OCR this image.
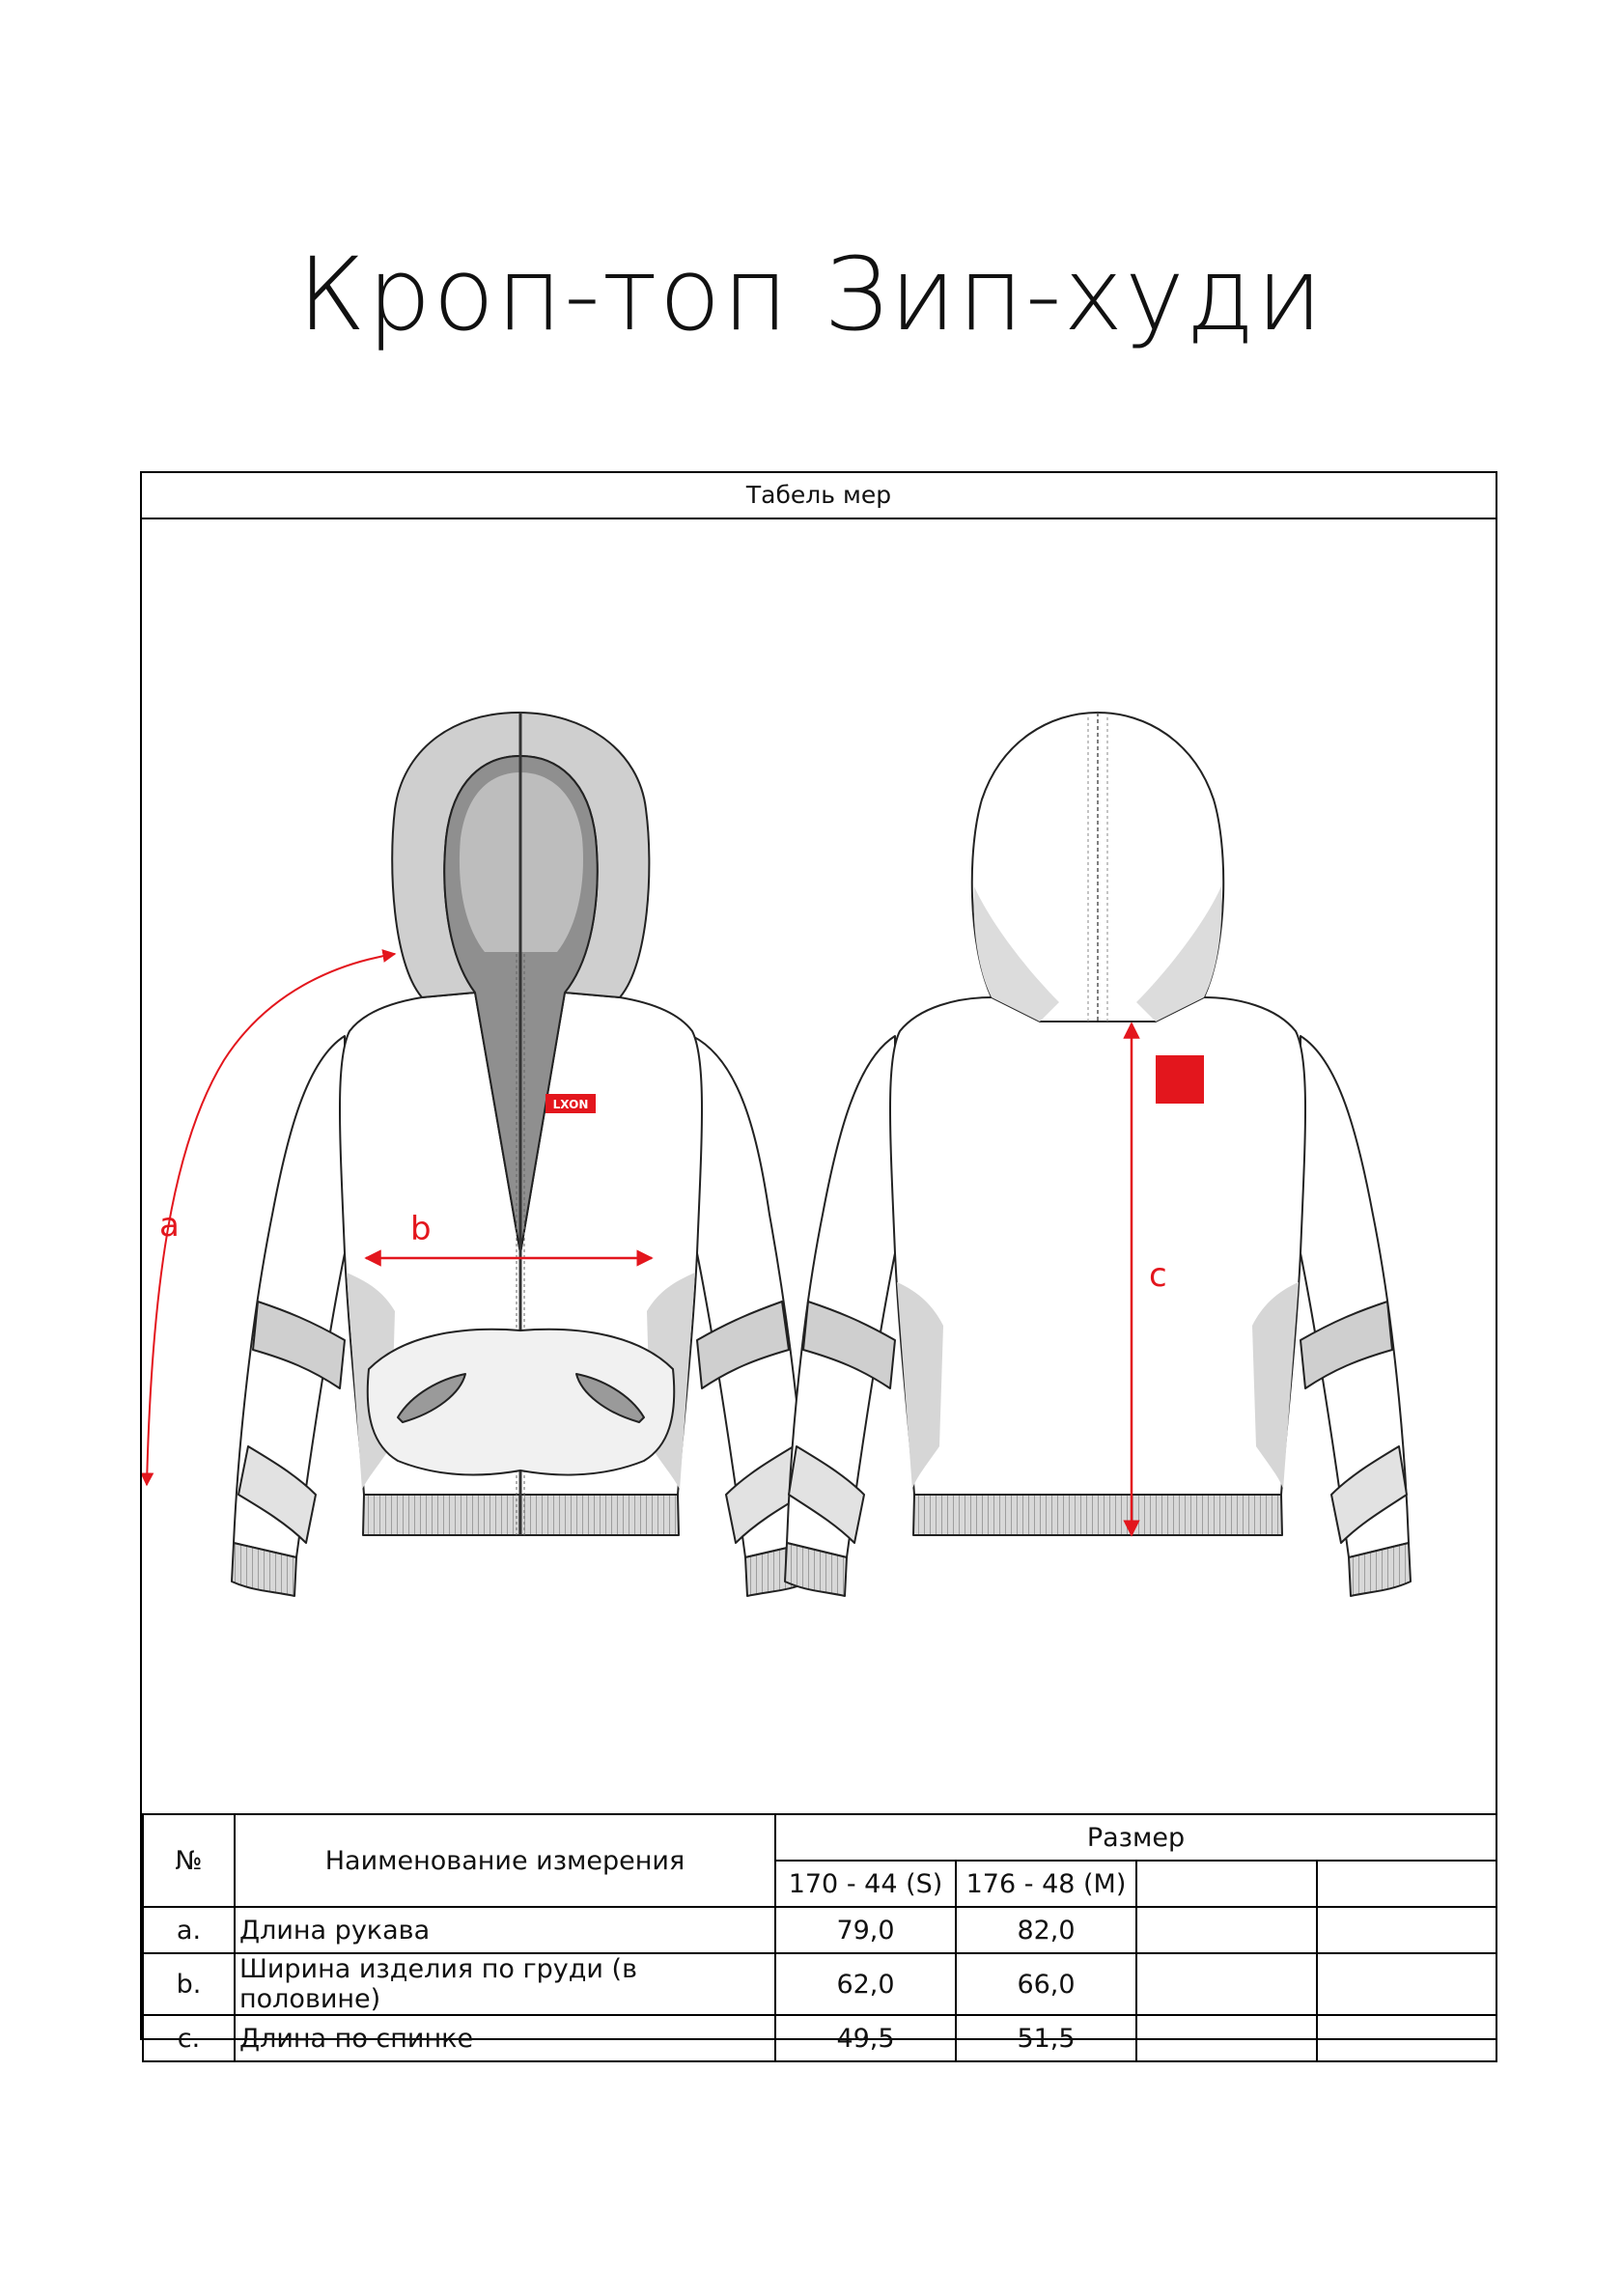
Кроп-топ Зип-худи
Табель мер
LXON
a	b
c
№	Наименование измерения	Размер			
		170 - 44 (S)	176 - 48 (M)		
a.	Длина рукава	79,0	82,0		
b.	Ширина изделия по груди (в половине)	62,0	66,0		
c.	Длина по спинке	49,5	51,5		
